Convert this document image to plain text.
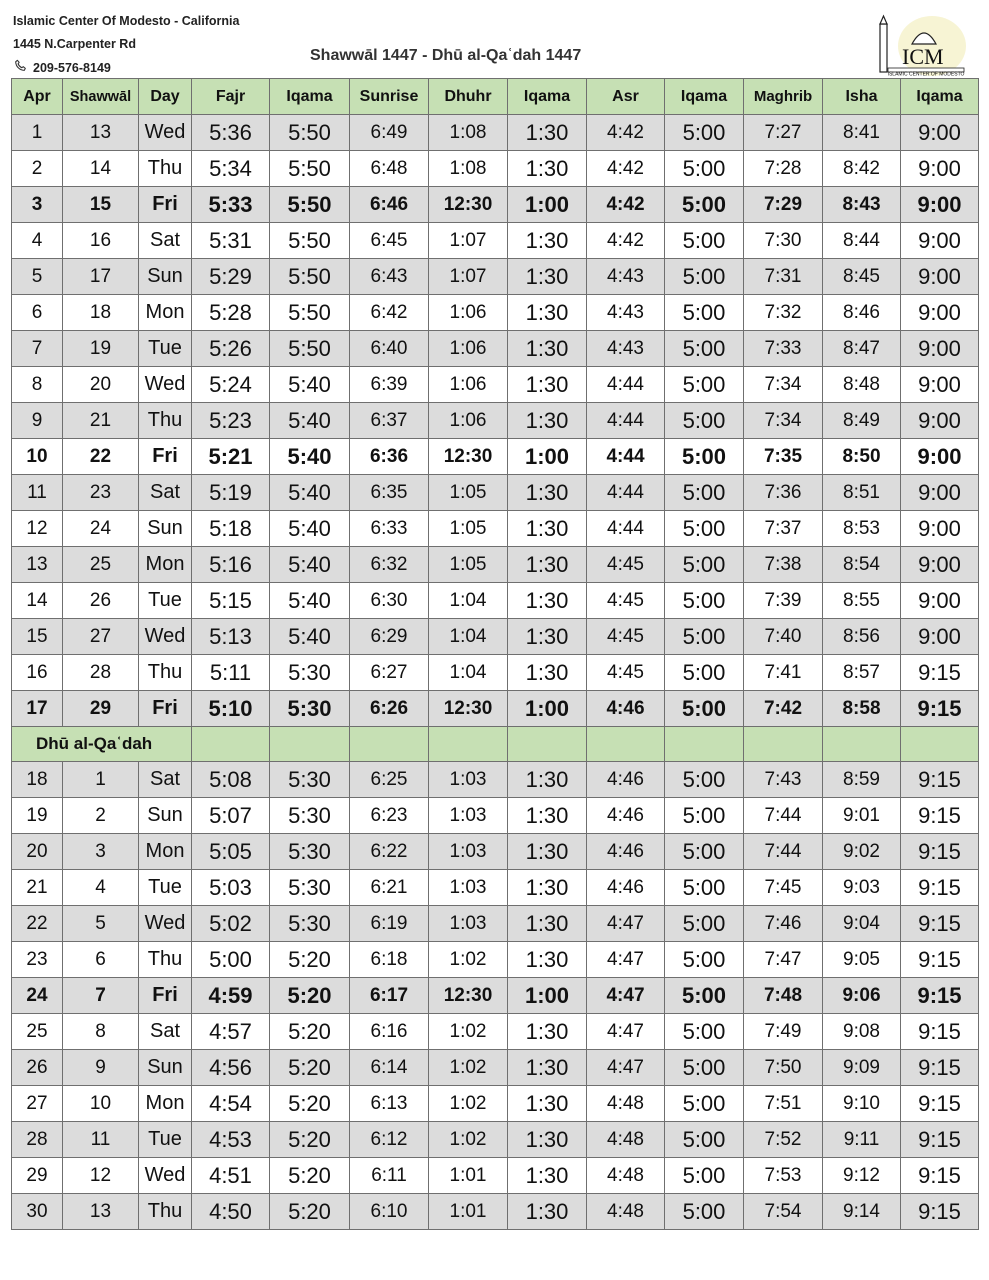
Islamic Center Of Modesto - California
1445 N.Carpenter Rd
209-576-8149
Shawwāl 1447 - Dhū al-Qaʿdah 1447	ICM
ISLAMIC CENTER OF MODESTO
Apr	Shawwāl	Day	Fajr	Iqama	Sunrise	Dhuhr	Iqama	Asr	Iqama	Maghrib	Isha	Iqama
1	13	Wed	5:36	5:50	6:49	1:08	1:30	4:42	5:00	7:27	8:41	9:00
2	14	Thu	5:34	5:50	6:48	1:08	1:30	4:42	5:00	7:28	8:42	9:00
3	15	Fri	5:33	5:50	6:46	12:30	1:00	4:42	5:00	7:29	8:43	9:00
4	16	Sat	5:31	5:50	6:45	1:07	1:30	4:42	5:00	7:30	8:44	9:00
5	17	Sun	5:29	5:50	6:43	1:07	1:30	4:43	5:00	7:31	8:45	9:00
6	18	Mon	5:28	5:50	6:42	1:06	1:30	4:43	5:00	7:32	8:46	9:00
7	19	Tue	5:26	5:50	6:40	1:06	1:30	4:43	5:00	7:33	8:47	9:00
8	20	Wed	5:24	5:40	6:39	1:06	1:30	4:44	5:00	7:34	8:48	9:00
9	21	Thu	5:23	5:40	6:37	1:06	1:30	4:44	5:00	7:34	8:49	9:00
10	22	Fri	5:21	5:40	6:36	12:30	1:00	4:44	5:00	7:35	8:50	9:00
11	23	Sat	5:19	5:40	6:35	1:05	1:30	4:44	5:00	7:36	8:51	9:00
12	24	Sun	5:18	5:40	6:33	1:05	1:30	4:44	5:00	7:37	8:53	9:00
13	25	Mon	5:16	5:40	6:32	1:05	1:30	4:45	5:00	7:38	8:54	9:00
14	26	Tue	5:15	5:40	6:30	1:04	1:30	4:45	5:00	7:39	8:55	9:00
15	27	Wed	5:13	5:40	6:29	1:04	1:30	4:45	5:00	7:40	8:56	9:00
16	28	Thu	5:11	5:30	6:27	1:04	1:30	4:45	5:00	7:41	8:57	9:15
17	29	Fri	5:10	5:30	6:26	12:30	1:00	4:46	5:00	7:42	8:58	9:15
Dhū al-Qaʿdah												
18	1	Sat	5:08	5:30	6:25	1:03	1:30	4:46	5:00	7:43	8:59	9:15
19	2	Sun	5:07	5:30	6:23	1:03	1:30	4:46	5:00	7:44	9:01	9:15
20	3	Mon	5:05	5:30	6:22	1:03	1:30	4:46	5:00	7:44	9:02	9:15
21	4	Tue	5:03	5:30	6:21	1:03	1:30	4:46	5:00	7:45	9:03	9:15
22	5	Wed	5:02	5:30	6:19	1:03	1:30	4:47	5:00	7:46	9:04	9:15
23	6	Thu	5:00	5:20	6:18	1:02	1:30	4:47	5:00	7:47	9:05	9:15
24	7	Fri	4:59	5:20	6:17	12:30	1:00	4:47	5:00	7:48	9:06	9:15
25	8	Sat	4:57	5:20	6:16	1:02	1:30	4:47	5:00	7:49	9:08	9:15
26	9	Sun	4:56	5:20	6:14	1:02	1:30	4:47	5:00	7:50	9:09	9:15
27	10	Mon	4:54	5:20	6:13	1:02	1:30	4:48	5:00	7:51	9:10	9:15
28	11	Tue	4:53	5:20	6:12	1:02	1:30	4:48	5:00	7:52	9:11	9:15
29	12	Wed	4:51	5:20	6:11	1:01	1:30	4:48	5:00	7:53	9:12	9:15
30	13	Thu	4:50	5:20	6:10	1:01	1:30	4:48	5:00	7:54	9:14	9:15
